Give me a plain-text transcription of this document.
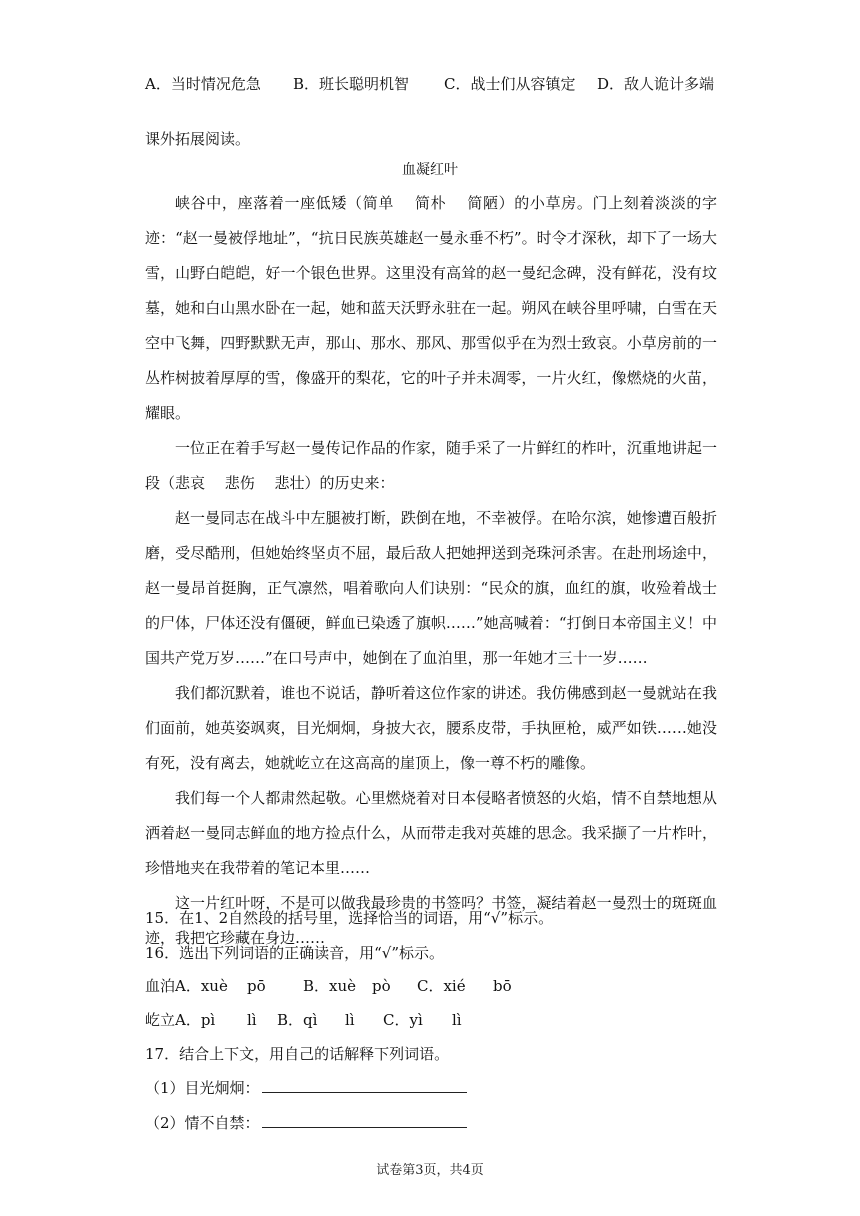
A．当时情况危急 B．班长聪明机智 C．战士们从容镇定 D．敌人诡计多端
课外拓展阅读。
血凝红叶

峡谷中，座落着一座低矮（简单　 简朴　 简陋）的小草房。门上刻着淡淡的字迹：“赵一曼被俘地址”，“抗日民族英雄赵一曼永垂不朽”。时令才深秋，却下了一场大雪，山野白皑皑，好一个银色世界。这里没有高耸的赵一曼纪念碑，没有鲜花，没有坟墓，她和白山黑水卧在一起，她和蓝天沃野永驻在一起。朔风在峡谷里呼啸，白雪在天空中飞舞，四野默默无声，那山、那水、那风、那雪似乎在为烈士致哀。小草房前的一丛柞树披着厚厚的雪，像盛开的梨花，它的叶子并未凋零，一片火红，像燃烧的火苗，耀眼。

一位正在着手写赵一曼传记作品的作家，随手采了一片鲜红的柞叶，沉重地讲起一段（悲哀　 悲伤　 悲壮）的历史来：

赵一曼同志在战斗中左腿被打断，跌倒在地，不幸被俘。在哈尔滨，她惨遭百般折磨，受尽酷刑，但她始终坚贞不屈，最后敌人把她押送到尧珠河杀害。在赴刑场途中，赵一曼昂首挺胸，正气凛然，唱着歌向人们诀别：“民众的旗，血红的旗，收殓着战士的尸体，尸体还没有僵硬，鲜血已染透了旗帜……”她高喊着：“打倒日本帝国主义！中国共产党万岁……”在口号声中，她倒在了血泊里，那一年她才三十一岁……

我们都沉默着，谁也不说话，静听着这位作家的讲述。我仿佛感到赵一曼就站在我们面前，她英姿飒爽，目光炯炯，身披大衣，腰系皮带，手执匣枪，威严如铁……她没有死，没有离去，她就屹立在这高高的崖顶上，像一尊不朽的雕像。

我们每一个人都肃然起敬。心里燃烧着对日本侵略者愤怒的火焰，情不自禁地想从洒着赵一曼同志鲜血的地方捡点什么，从而带走我对英雄的思念。我采撷了一片柞叶，珍惜地夹在我带着的笔记本里……

这一片红叶呀，不是可以做我最珍贵的书签吗？书签，凝结着赵一曼烈士的斑斑血迹，我把它珍藏在身边……

15．在1、2自然段的括号里，选择恰当的词语，用“√”标示。
16．选出下列词语的正确读音，用“√”标示。
血泊A．xuè pō B．xuè pò C．xié bō
屹立A．pì lì B．qì lì C．yì lì
17．结合上下文，用自己的话解释下列词语。
（1）目光炯炯：
（2）情不自禁：
试卷第3页，共4页
